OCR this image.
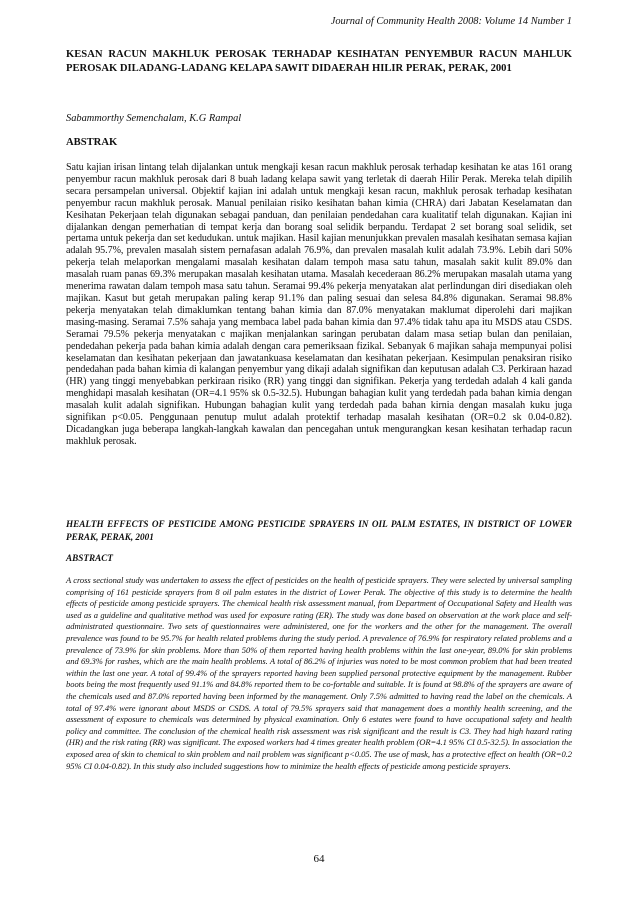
Journal of Community Health 2008: Volume 14 Number 1
KESAN RACUN MAKHLUK PEROSAK TERHADAP KESIHATAN PENYEMBUR RACUN MAHLUK PEROSAK DILADANG-LADANG KELAPA SAWIT DIDAERAH HILIR PERAK, PERAK, 2001
Sabammorthy Semenchalam, K.G Rampal
ABSTRAK

Satu kajian irisan lintang telah dijalankan untuk mengkaji kesan racun makhluk perosak terhadap kesihatan ke atas 161 orang penyembur racun makhluk perosak dari 8 buah ladang kelapa sawit yang terletak di daerah Hilir Perak. Mereka telah dipilih secara persampelan universal. Objektif kajian ini adalah untuk mengkaji kesan racun, makhluk perosak terhadap kesihatan penyembur racun makhluk perosak. Manual penilaian risiko kesihatan bahan kimia (CHRA) dari Jabatan Keselamatan dan Kesihatan Pekerjaan telah digunakan sebagai panduan, dan penilaian pendedahan cara kualitatif telah digunakan. Kajian ini dijalankan dengan pemerhatian di tempat kerja dan borang soal selidik berpandu. Terdapat 2 set borang soal selidik, set pertama untuk pekerja dan set kedudukan. untuk majikan. Hasil kajian menunjukkan prevalen masalah kesihatan semasa kajian adalah 95.7%, prevalen masalah sistem pernafasan adalah 76.9%, dan prevalen masalah kulit adalah 73.9%. Lebih dari 50% pekerja telah melaporkan mengalami masalah kesihatan dalam tempoh masa satu tahun, masalah sakit kulit 89.0% dan masalah ruam panas 69.3% merupakan masalah kesihatan utama. Masalah kecederaan 86.2% merupakan masalah utama yang menerima rawatan dalam tempoh masa satu tahun. Seramai 99.4% pekerja menyatakan alat perlindungan diri disediakan oleh majikan. Kasut but getah merupakan paling kerap 91.1% dan paling sesuai dan selesa 84.8% digunakan. Seramai 98.8% pekerja menyatakan telah dimaklumkan tentang bahan kimia dan 87.0% menyatakan maklumat diperolehi dari majikan masing-masing. Seramai 7.5% sahaja yang membaca label pada bahan kimia dan 97.4% tidak tahu apa itu MSDS atau CSDS. Seramai 79.5% pekerja menyatakan c majikan menjalankan saringan perubatan dalam masa setiap bulan dan penilaian, pendedahan pekerja pada bahan kimia adalah dengan cara pemeriksaan fizikal. Sebanyak 6 majikan sahaja mempunyai polisi keselamatan dan kesihatan pekerjaan dan jawatankuasa keselamatan dan kesihatan pekerjaan. Kesimpulan penaksiran risiko pendedahan pada bahan kimia di kalangan penyembur yang dikaji adalah signifikan dan keputusan adalah C3. Perkiraan hazad (HR) yang tinggi menyebabkan perkiraan risiko (RR) yang tinggi dan signifikan. Pekerja yang terdedah adalah 4 kali ganda menghidapi masalah kesihatan (OR=4.1 95% sk 0.5-32.5). Hubungan bahagian kulit yang terdedah pada bahan kimia dengan masalah kulit adalah signifikan. Hubungan bahagian kulit yang terdedah pada bahan kirnia dengan masalah kuku juga signifikan p<0.05. Penggunaan penutup mulut adalah protektif terhadap masalah kesihatan (OR=0.2 sk 0.04-0.82). Dicadangkan juga beberapa langkah-langkah kawalan dan pencegahan untuk mengurangkan kesan kesihatan terhadap racun makhluk perosak.

HEALTH EFFECTS OF PESTICIDE AMONG PESTICIDE SPRAYERS IN OIL PALM ESTATES, IN DISTRICT OF LOWER PERAK, PERAK, 2001
ABSTRACT

A cross sectional study was undertaken to assess the effect of pesticides on the health of pesticide sprayers. They were selected by universal sampling comprising of 161 pesticide sprayers from 8 oil palm estates in the district of Lower Perak. The objective of this study is to determine the health effects of pesticide among pesticide sprayers. The chemical health risk assessment manual, from Department of Occupational Safety and Health was used as a guideline and qualitative method was used for exposure rating (ER). The study was done based on observation at the work place and self-administrated questionnaire. Two sets of questionnaires were administered, one for the workers and the other for the management. The overall prevalence was found to be 95.7% for health related problems during the study period. A prevalence of 76.9% for respiratory related problems and a prevalence of 73.9% for skin problems. More than 50% of them reported having health problems within the last one-year, 89.0% for skin problems and 69.3% for rashes, which are the main health problems. A total of 86.2% of injuries was noted to be most common problem that had been treated within the last one year. A total of 99.4% of the sprayers reported having been supplied personal protective equipment by the management. Rubber boots being the most frequently used 91.1% and 84.8% reported them to be co-fortable and suitable. It is found at 98.8% of the sprayers are aware of the chemicals used and 87.0% reported having been informed by the management. Only 7.5% admitted to having read the label on the chemicals. A total of 97.4% were ignorant about MSDS or CSDS. A total of 79.5% sprayers said that management does a monthly health screening, and the assessment of exposure to chemicals was determined by physical examination. Only 6 estates were found to have occupational safety and health policy and committee. The conclusion of the chemical health risk assessment was risk significant and the result is C3. They had high hazard rating (HR) and the risk rating (RR) was significant. The exposed workers had 4 times greater health problem (OR=4.1 95% CI 0.5-32.5). In association the exposed area of skin to chemical to skin problem and nail problem was significant p<0.05. The use of mask, has a protective effect on health (OR=0.2 95% CI 0.04-0.82). In this study also included suggestions how to minimize the health effects of pesticide among pesticide sprayers.

64
